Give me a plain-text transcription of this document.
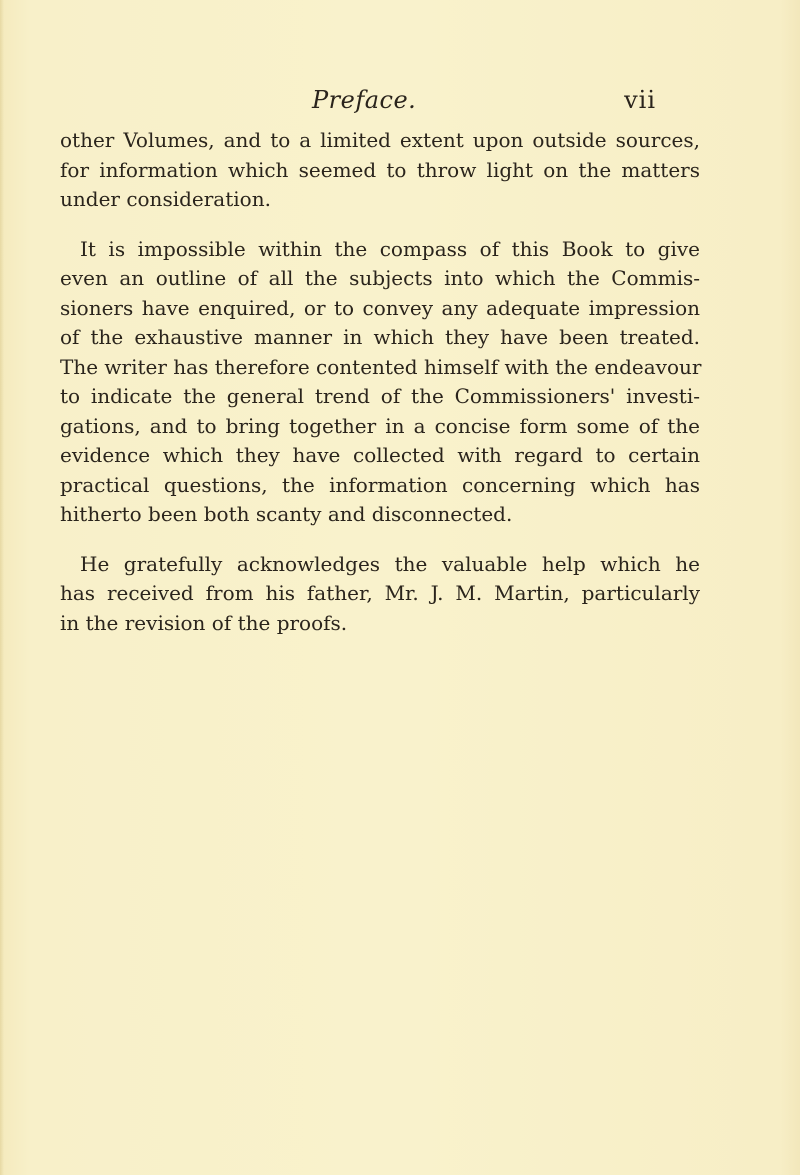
Preface.	vii
other Volumes, and to a limited extent upon outside sources,
for information which seemed to throw light on the matters
under consideration.
It is impossible within the compass of this Book to give
even an outline of all the subjects into which the Commis-
sioners have enquired, or to convey any adequate impression
of the exhaustive manner in which they have been treated.
The writer has therefore contented himself with the endeavour
to indicate the general trend of the Commissioners' investi-
gations, and to bring together in a concise form some of the
evidence which they have collected with regard to certain
practical questions, the information concerning which has
hitherto been both scanty and disconnected.
He gratefully acknowledges the valuable help which he
has received from his father, Mr. J. M. Martin, particularly
in the revision of the proofs.
